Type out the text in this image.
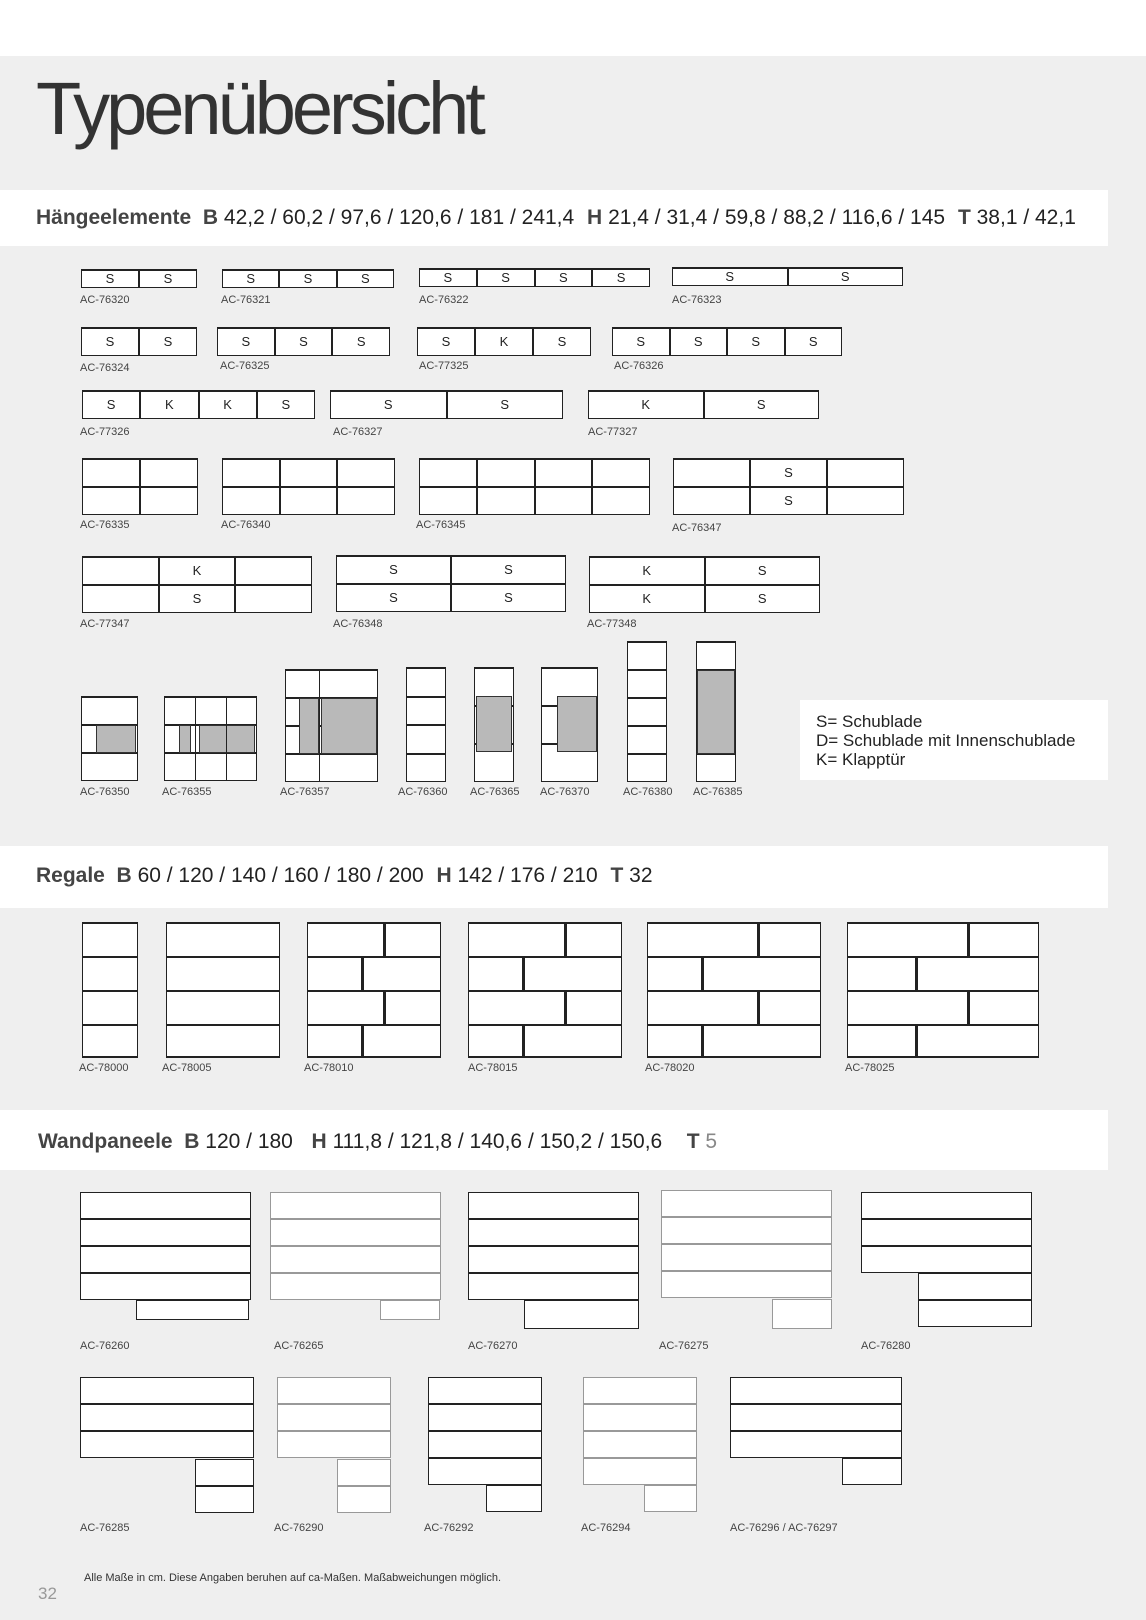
Typenübersicht
Hängeelemente B 42,2 / 60,2 / 97,6 / 120,6 / 181 / 241,4 H 21,4 / 31,4 / 59,8 / 88,2 / 116,6 / 145 T 38,1 / 42,1
Regale B 60 / 120 / 140 / 160 / 180 / 200 H 142 / 176 / 210 T 32
Wandpaneele B 120 / 180 H 111,8 / 121,8 / 140,6 / 150,2 / 150,6 T 5
S= Schublade
D= Schublade mit Innenschublade
K= Klapptür
S	S
AC-76320
S	S	S
AC-76321
S	S	S	S
AC-76322
S	S
AC-76323
S	S
AC-76324
S	S	S
AC-76325
S	K	S
AC-77325
S	S	S	S
AC-76326
S	K	K	S
AC-77326
S	S
AC-76327
K	S
AC-77327
AC-76335	AC-76340	AC-76345
S
S
AC-76347
K
S
AC-77347
S	S
S	S
AC-76348
K	S
K	S
AC-77348
AC-76350	AC-76355	AC-76357	AC-76360 AC-76365 AC-76370	AC-76380 AC-76385
AC-78000	AC-78005	AC-78010	AC-78015	AC-78020	AC-78025
AC-76260	AC-76265	AC-76270	AC-76275	AC-76280
AC-76285	AC-76290	AC-76292	AC-76294	AC-76296 / AC-76297
Alle Maße in cm. Diese Angaben beruhen auf ca-Maßen. Maßabweichungen möglich.
32
